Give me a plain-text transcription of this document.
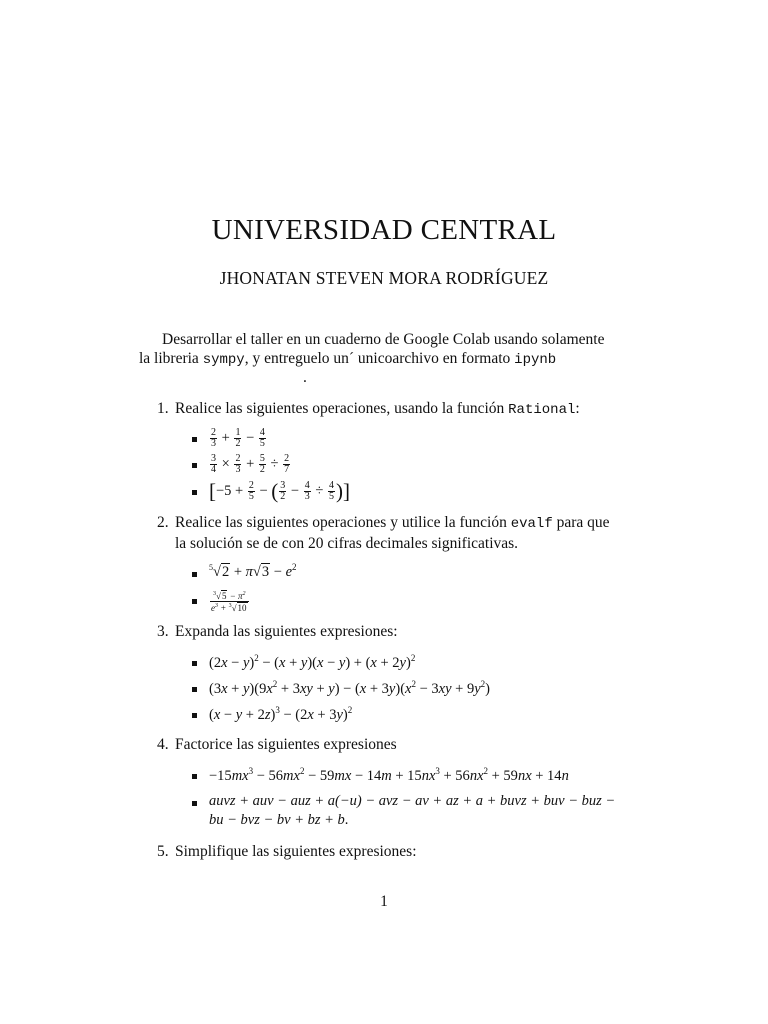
UNIVERSIDAD CENTRAL
JHONATAN STEVEN MORA RODRÍGUEZ
Desarrollar el taller en un cuaderno de Google Colab usando solamente
la libreria sympy, y entreguelo un´ unicoarchivo en formato ipynb
.
1. Realice las siguientes operaciones, usando la función Rational:
$\frac{2}{3} + \frac{1}{2} - \frac{4}{5}$
$\frac{3}{4} \times \frac{2}{3} + \frac{5}{2} \div \frac{2}{7}$
[$-5 + \frac{2}{5}$ − ( $\frac{3}{2} - \frac{4}{3} \div \frac{4}{5}$ )]
2. Realice las siguientes operaciones y utilice la función evalf para que
la solución se de con 20 cifras decimales significativas.
$^5√2 + \pi√3 - e^2$
$\frac{^3√5 - \pi^2}{e^3 + ^3√10}$
3. Expanda las siguientes expresiones:
$(2x - y)^2 - (x + y)(x - y) + (x + 2y)^2$
$(3x + y)(9x^2 + 3xy + y) - (x + 3y)(x^2 - 3xy + 9y^2)$
$(x - y + 2z)^3 - (2x + 3y)^2$
4. Factorice las siguientes expresiones
$-15mx^3 - 56mx^2 - 59mx - 14m + 15nx^3 + 56nx^2 + 59nx + 14n$
auvz + auv − auz + a(−u) − avz − av + az + a + buvz + buv − buz − bu − bvz − bv + bz + b.
5. Simplifique las siguientes expresiones:
1
